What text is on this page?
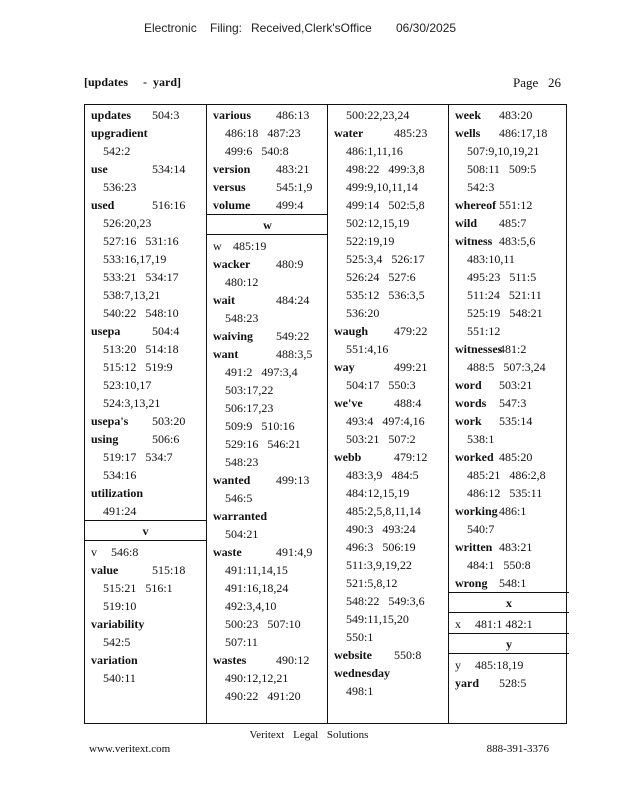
Electronic Filing: Received,Clerk'sOffice 06/30/2025
[updates     -  yard]	Page   26
updates 504:3
upgradient
542:2
use	534:14
536:23
used	516:16
526:20,23
527:16   531:16
533:16,17,19
533:21   534:17
538:7,13,21
540:22   548:10
usepa	504:4
513:20   514:18
515:12   519:9
523:10,17
524:3,13,21
usepa's 503:20
using	506:6
519:17   534:7
534:16
utilization
491:24
v
v 546:8
value	515:18
515:21   516:1
519:10
variability
542:5
variation
540:11
various 486:13
486:18   487:23
499:6   540:8
version 483:21
versus	545:1,9
volume 499:4
w
w 485:19
wacker 480:9
480:12
wait	484:24
548:23
waiving 549:22
want	488:3,5
491:2   497:3,4
503:17,22
506:17,23
509:9   510:16
529:16   546:21
548:23
wanted 499:13
546:5
warranted
504:21
waste	491:4,9
491:11,14,15
491:16,18,24
492:3,4,10
500:23   507:10
507:11
wastes 490:12
490:12,12,21
490:22   491:20
500:22,23,24
water	485:23
486:1,11,16
498:22   499:3,8
499:9,10,11,14
499:14   502:5,8
502:12,15,19
522:19,19
525:3,4   526:17
526:24   527:6
535:12   536:3,5
536:20
waugh 479:22
551:4,16
way	499:21
504:17   550:3
we've	488:4
493:4   497:4,16
503:21   507:2
webb	479:12
483:3,9   484:5
484:12,15,19
485:2,5,8,11,14
490:3   493:24
496:3   506:19
511:3,9,19,22
521:5,8,12
548:22   549:3,6
549:11,15,20
550:1
website 550:8
wednesday
498:1
week 483:20
wells 486:17,18
507:9,10,19,21
508:11   509:5
542:3
whereof 551:12
wild 485:7
witness 483:5,6
483:10,11
495:23   511:5
511:24   521:11
525:19   548:21
551:12
witnesses
481:2
488:5   507:3,24
word 503:21
words 547:3
work 535:14
538:1
worked 485:20
485:21   486:2,8
486:12   535:11
working 486:1
540:7
written 483:21
484:1   550:8
wrong 548:1
x
x 481:1 482:1
y
y 485:18,19
yard 528:5
Veritext Legal Solutions
www.veritext.com	888-391-3376
